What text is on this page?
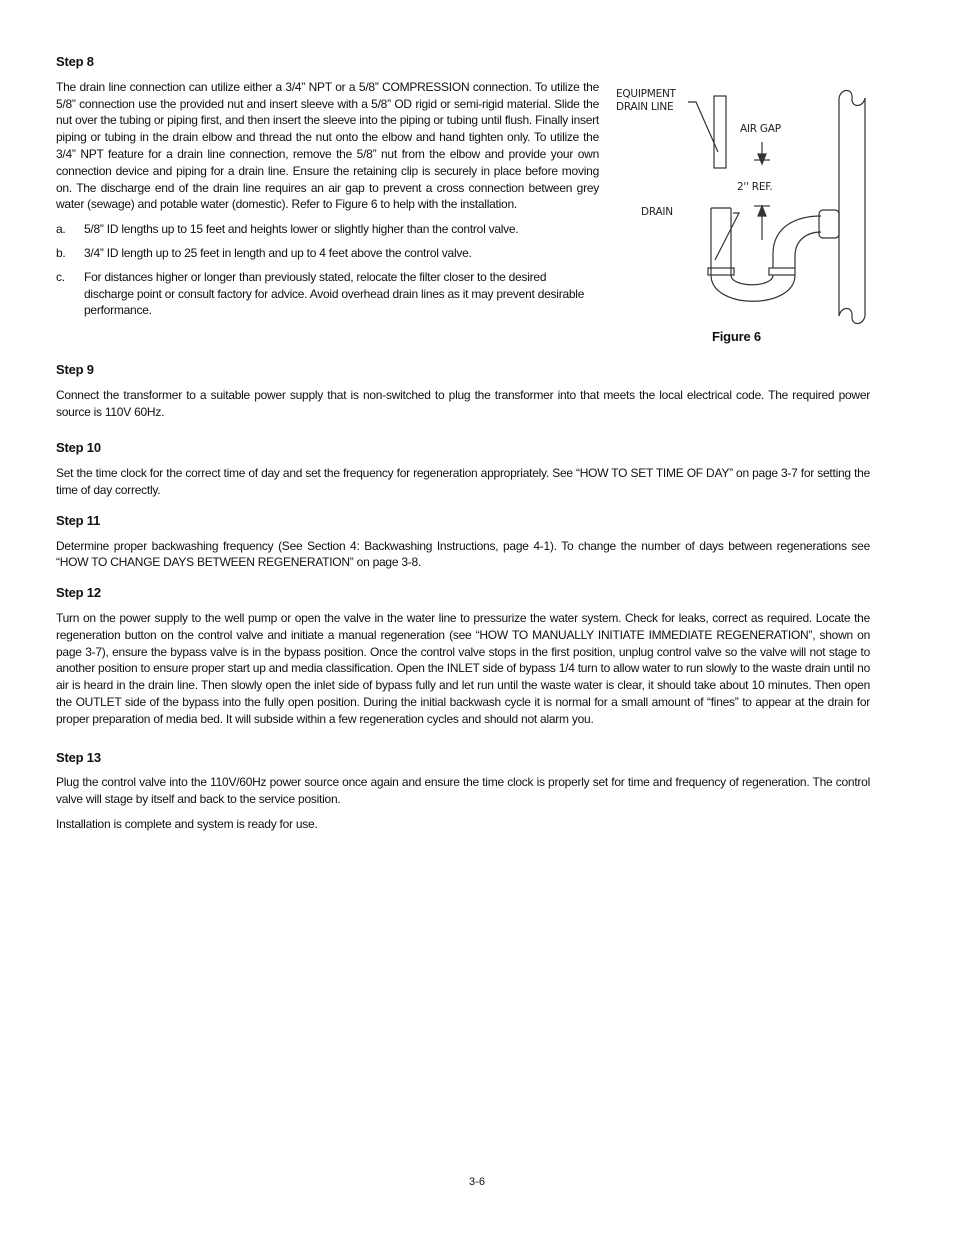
Step 8

The drain line connection can utilize either a 3/4” NPT or a 5/8” COMPRESSION connection. To utilize the 5/8” connection use the provided nut and insert sleeve with a 5/8” OD rigid or semi-rigid material. Slide the nut over the tubing or piping first, and then insert the sleeve into the piping or tubing until flush. Finally insert piping or tubing in the drain elbow and thread the nut onto the elbow and hand tighten only. To utilize the 3/4” NPT feature for a drain line connection, remove the 5/8” nut from the elbow and provide your own connection device and piping for a drain line. Ensure the retaining clip is securely in place before moving on. The discharge end of the drain line requires an air gap to prevent a cross connection between grey water (sewage) and potable water (domestic). Refer to Figure 6 to help with the installation.

a.	5/8” ID lengths up to 15 feet and heights lower or slightly higher than the control valve.
b.	3/4” ID length up to 25 feet in length and up to 4 feet above the control valve.
c.	For distances higher or longer than previously stated, relocate the filter closer to the desired discharge point or consult factory for advice. Avoid overhead drain lines as it may prevent desirable performance.
EQUIPMENT
DRAIN LINE
AIR GAP
2'' REF.
DRAIN
Figure 6
Step 9

Connect the transformer to a suitable power supply that is non-switched to plug the transformer into that meets the local electrical code. The required power source is 110V 60Hz.

Step 10

Set the time clock for the correct time of day and set the frequency for regeneration appropriately. See “HOW TO SET TIME OF DAY” on page 3-7 for setting the time of day correctly.

Step 11

Determine proper backwashing frequency (See Section 4: Backwashing Instructions, page 4-1). To change the number of days between regenerations see “HOW TO CHANGE DAYS BETWEEN REGENERATION” on page 3-8.

Step 12

Turn on the power supply to the well pump or open the valve in the water line to pressurize the water system. Check for leaks, correct as required. Locate the regeneration button on the control valve and initiate a manual regeneration (see “HOW TO MANUALLY INITIATE IMMEDIATE REGENERATION”, shown on page 3-7), ensure the bypass valve is in the bypass position. Once the control valve stops in the first position, unplug control valve so the valve will not stage to another position to ensure proper start up and media classification. Open the INLET side of bypass 1/4 turn to allow water to run slowly to the waste drain until no air is heard in the drain line. Then slowly open the inlet side of bypass fully and let run until the waste water is clear, it should take about 10 minutes. Then open the OUTLET side of the bypass into the fully open position. During the initial backwash cycle it is normal for a small amount of “fines” to appear at the drain for proper preparation of media bed. It will subside within a few regeneration cycles and should not alarm you.

Step 13

Plug the control valve into the 110V/60Hz power source once again and ensure the time clock is properly set for time and frequency of regeneration. The control valve will stage by itself and back to the service position.

Installation is complete and system is ready for use.

3-6
